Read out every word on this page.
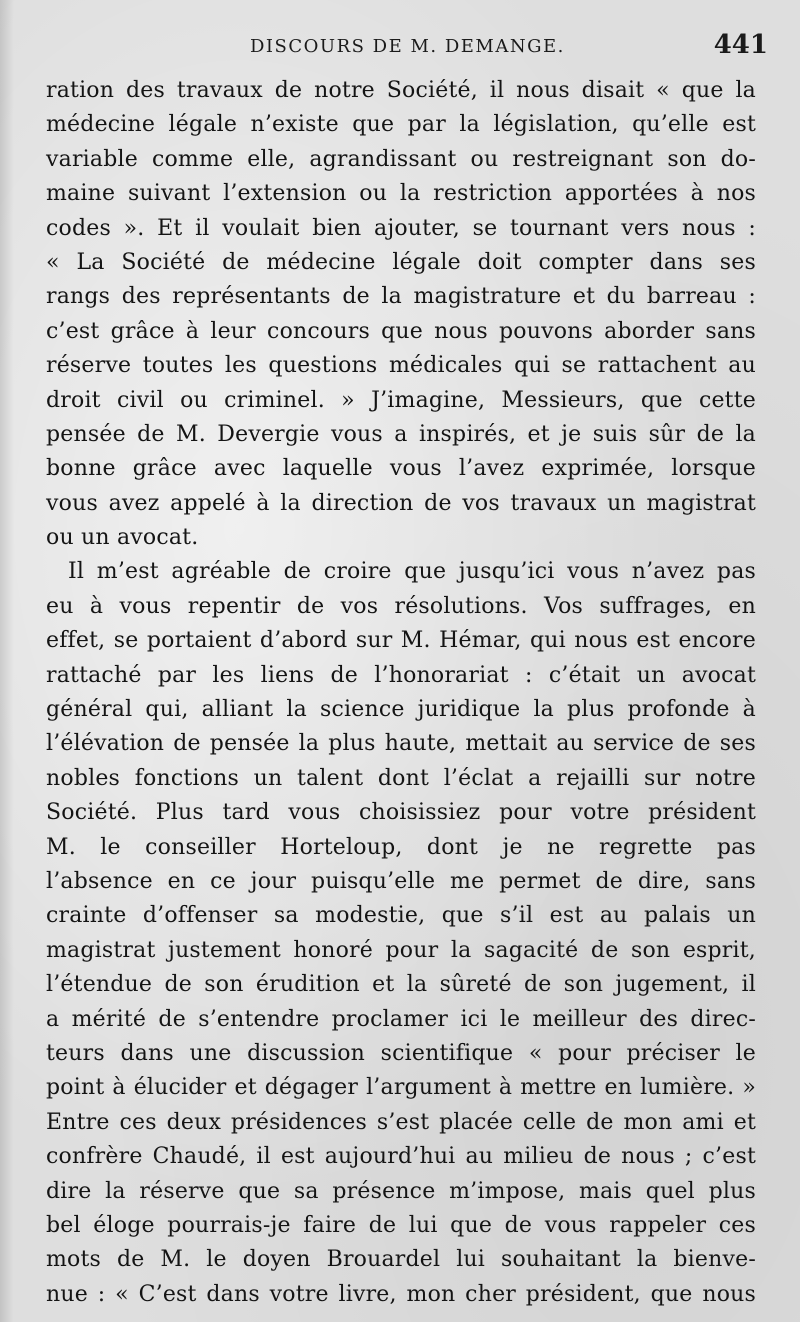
DISCOURS DE M. DEMANGE.	441
ration des travaux de notre Société, il nous disait « que la
médecine légale n’existe que par la législation, qu’elle est
variable comme elle, agrandissant ou restreignant son do-
maine suivant l’extension ou la restriction apportées à nos
codes ». Et il voulait bien ajouter, se tournant vers nous :
« La Société de médecine légale doit compter dans ses
rangs des représentants de la magistrature et du barreau :
c’est grâce à leur concours que nous pouvons aborder sans
réserve toutes les questions médicales qui se rattachent au
droit civil ou criminel. » J’imagine, Messieurs, que cette
pensée de M. Devergie vous a inspirés, et je suis sûr de la
bonne grâce avec laquelle vous l’avez exprimée, lorsque
vous avez appelé à la direction de vos travaux un magistrat
ou un avocat.
Il m’est agréable de croire que jusqu’ici vous n’avez pas
eu à vous repentir de vos résolutions. Vos suffrages, en
effet, se portaient d’abord sur M. Hémar, qui nous est encore
rattaché par les liens de l’honorariat : c’était un avocat
général qui, alliant la science juridique la plus profonde à
l’élévation de pensée la plus haute, mettait au service de ses
nobles fonctions un talent dont l’éclat a rejailli sur notre
Société. Plus tard vous choisissiez pour votre président
M. le conseiller Horteloup, dont je ne regrette pas
l’absence en ce jour puisqu’elle me permet de dire, sans
crainte d’offenser sa modestie, que s’il est au palais un
magistrat justement honoré pour la sagacité de son esprit,
l’étendue de son érudition et la sûreté de son jugement, il
a mérité de s’entendre proclamer ici le meilleur des direc-
teurs dans une discussion scientifique « pour préciser le
point à élucider et dégager l’argument à mettre en lumière. »
Entre ces deux présidences s’est placée celle de mon ami et
confrère Chaudé, il est aujourd’hui au milieu de nous ; c’est
dire la réserve que sa présence m’impose, mais quel plus
bel éloge pourrais-je faire de lui que de vous rappeler ces
mots de M. le doyen Brouardel lui souhaitant la bienve-
nue : « C’est dans votre livre, mon cher président, que nous
